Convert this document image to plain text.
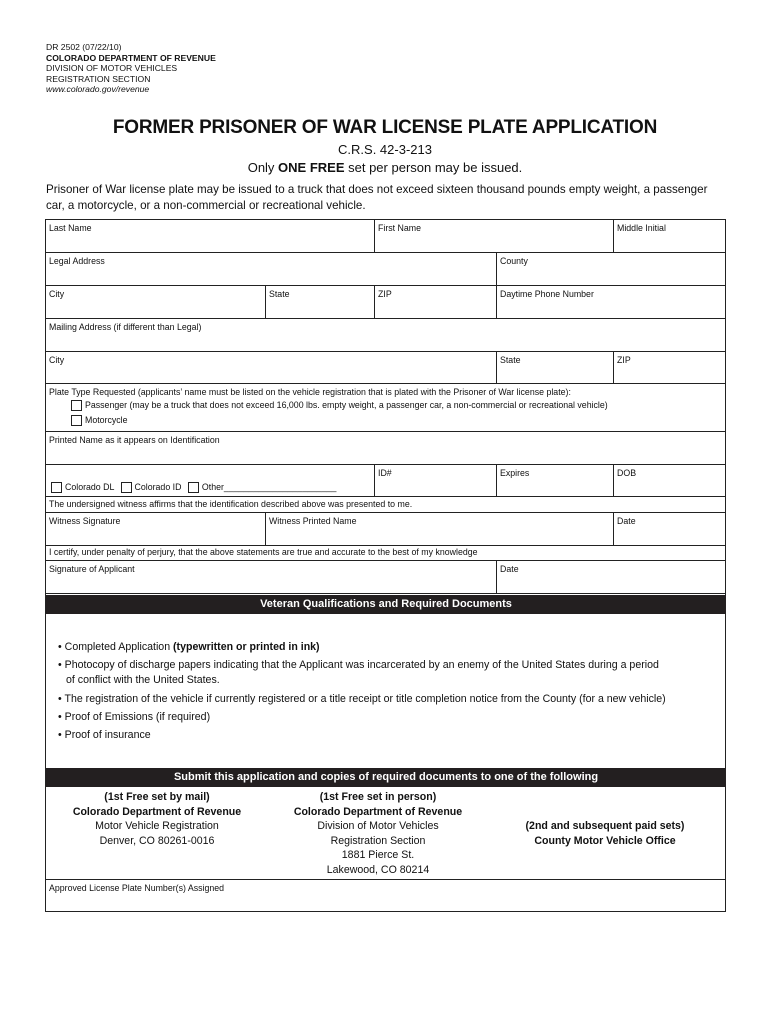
DR 2502 (07/22/10)
COLORADO DEPARTMENT OF REVENUE
DIVISION OF MOTOR VEHICLES
REGISTRATION SECTION
www.colorado.gov/revenue
FORMER PRISONER OF WAR LICENSE PLATE APPLICATION
C.R.S. 42-3-213
Only ONE FREE set per person may be issued.
Prisoner of War license plate may be issued to a truck that does not exceed sixteen thousand pounds empty weight, a passenger car, a motorcycle, or a non-commercial or recreational vehicle.
Last Name	First Name	Middle Initial
Legal Address	County
City	State	ZIP	Daytime Phone Number
Mailing Address (if different than Legal)
City	State	ZIP
Plate Type Requested (applicants’ name must be listed on the vehicle registration that is plated with the Prisoner of War license plate):
Passenger (may be a truck that does not exceed 16,000 lbs. empty weight, a passenger car, a non-commercial or recreational vehicle)
Motorcycle
Printed Name as it appears on Identification
ID#	Expires	DOB
Colorado DL Colorado ID Other_______________________
The undersigned witness affirms that the identification described above was presented to me.
Witness Signature	Witness Printed Name	Date
I certify, under penalty of perjury, that the above statements are true and accurate to the best of my knowledge
Signature of Applicant	Date
Veteran Qualifications and Required Documents
• Completed Application (typewritten or printed in ink)
• Photocopy of discharge papers indicating that the Applicant was incarcerated by an enemy of the United States during a period
of conflict with the United States.
• The registration of the vehicle if currently registered or a title receipt or title completion notice from the County (for a new vehicle)
• Proof of Emissions (if required)
• Proof of insurance
Submit this application and copies of required documents to one of the following
(1st Free set by mail)
Colorado Department of Revenue
Motor Vehicle Registration
Denver, CO 80261-0016
(1st Free set in person)
Colorado Department of Revenue
Division of Motor Vehicles
Registration Section
1881 Pierce St.
Lakewood, CO 80214
(2nd and subsequent paid sets)
County Motor Vehicle Office
Approved License Plate Number(s) Assigned
